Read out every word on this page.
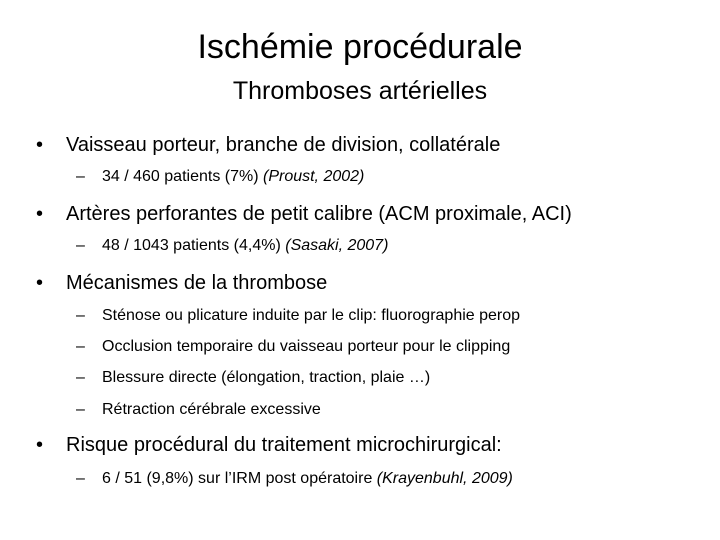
Ischémie procédurale
Thromboses artérielles
• Vaisseau porteur, branche de division, collatérale
– 34 / 460 patients (7%) (Proust, 2002)
• Artères perforantes de petit calibre (ACM proximale, ACI)
– 48 / 1043 patients (4,4%) (Sasaki, 2007)
• Mécanismes de la thrombose
– Sténose ou plicature induite par le clip: fluorographie perop
– Occlusion temporaire du vaisseau porteur pour le clipping
– Blessure directe (élongation, traction, plaie …)
– Rétraction cérébrale excessive
• Risque procédural du traitement microchirurgical:
– 6 / 51 (9,8%) sur l’IRM post opératoire (Krayenbuhl, 2009)
